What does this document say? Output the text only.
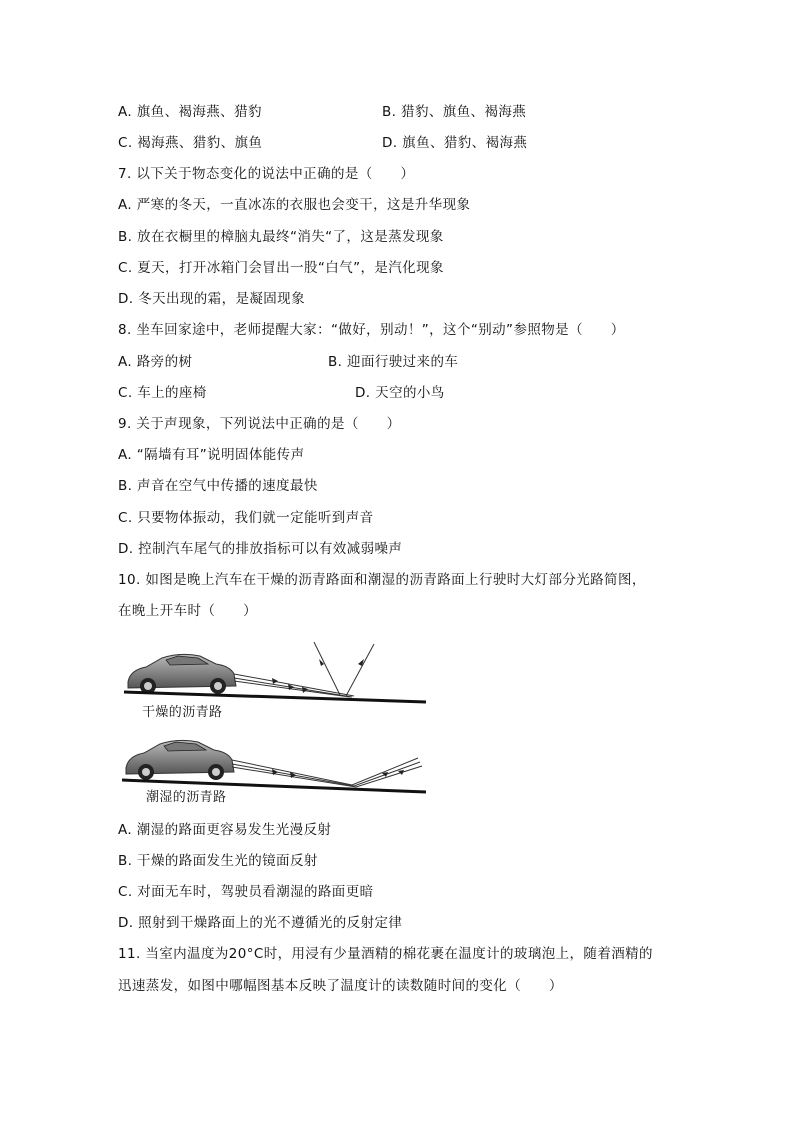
A. 旗鱼、褐海燕、猎豹	B. 猎豹、旗鱼、褐海燕
C. 褐海燕、猎豹、旗鱼	D. 旗鱼、猎豹、褐海燕
7. 以下关于物态变化的说法中正确的是（　　）
A. 严寒的冬天，一直冰冻的衣服也会变干，这是升华现象
B. 放在衣橱里的樟脑丸最终“消失“了，这是蒸发现象
C. 夏天，打开冰箱门会冒出一股“白气”，是汽化现象
D. 冬天出现的霜，是凝固现象
8. 坐车回家途中，老师提醒大家：“做好，别动！”，这个“别动”参照物是（　　）
A. 路旁的树	B. 迎面行驶过来的车
C. 车上的座椅	D. 天空的小鸟
9. 关于声现象，下列说法中正确的是（　　）
A. “隔墙有耳”说明固体能传声
B. 声音在空气中传播的速度最快
C. 只要物体振动，我们就一定能听到声音
D. 控制汽车尾气的排放指标可以有效减弱噪声
10. 如图是晚上汽车在干燥的沥青路面和潮湿的沥青路面上行驶时大灯部分光路简图，
在晚上开车时（　　）
干燥的沥青路
潮湿的沥青路
A. 潮湿的路面更容易发生光漫反射
B. 干燥的路面发生光的镜面反射
C. 对面无车时，驾驶员看潮湿的路面更暗
D. 照射到干燥路面上的光不遵循光的反射定律
11. 当室内温度为20°C时，用浸有少量酒精的棉花裹在温度计的玻璃泡上，随着酒精的
迅速蒸发，如图中哪幅图基本反映了温度计的读数随时间的变化（　　）
